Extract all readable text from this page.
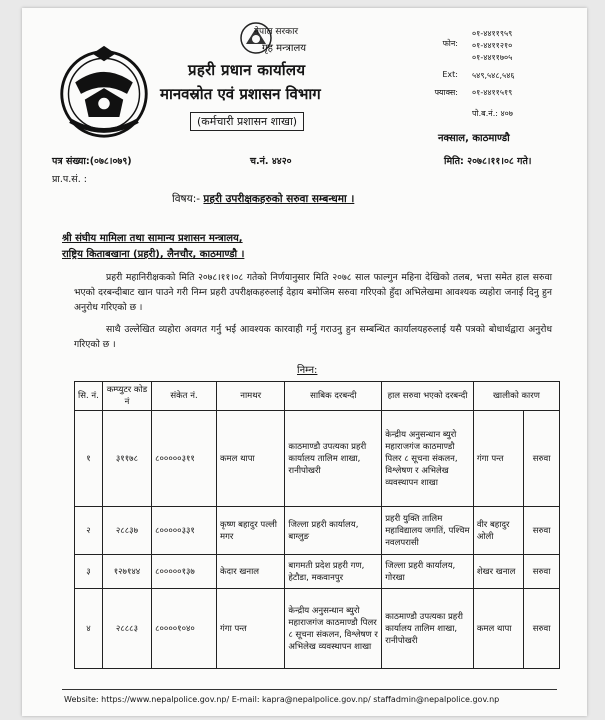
नेपाल सरकार
गृह मन्त्रालय
प्रहरी प्रधान कार्यालय
मानवस्रोत एवं प्रशासन विभाग
(कर्मचारी प्रशासन शाखा)
फोन:
०१-४४११९५९
०१-४४११२१०
०१-४४११७०५
Ext: ५४९,५४८,५४६
फ्याक्स: ०१-४४११५१९
पो.ब.नं.: ४०७
नक्साल, काठमाण्डौ
पत्र संख्या:(०७८।०७९)	च.नं. ४४२०	मिति: २०७८।११।०८ गते।
प्रा.प.सं. :
विषय:- प्रहरी उपरीक्षकहरुको सरुवा सम्बन्धमा ।
श्री संघीय मामिला तथा सामान्य प्रशासन मन्त्रालय,
राष्ट्रिय किताबखाना (प्रहरी), लैनचौर, काठमाण्डौ ।
प्रहरी महानिरीक्षकको मिति २०७८।११।०८ गतेको निर्णयानुसार मिति २०७८ साल फाल्गुन महिना देखिको तलब, भत्ता समेत हाल सरुवा भएको दरबन्दीबाट खान पाउने गरी निम्न प्रहरी उपरीक्षकहरुलाई देहाय बमोजिम सरुवा गरिएको हुँदा अभिलेखमा आवश्यक व्यहोरा जनाई दिनु हुन अनुरोध गरिएको छ ।
साथै उल्लेखित व्यहोरा अवगत गर्नु भई आवश्यक कारवाही गर्नु गराउनु हुन सम्बन्धित कार्यालयहरुलाई यसै पत्रको बोधार्थद्वारा अनुरोध गरिएको छ ।
निम्न:
सि. नं.	कम्प्युटर कोड नं	संकेत नं.	नामथर	साबिक दरबन्दी	हाल सरुवा भएको दरबन्दी	खालीको कारण	
१	३११७८	८०००००३११	कमल थापा	काठमाण्डौ उपत्यका प्रहरी कार्यालय तालिम शाखा, रानीपोखरी	केन्द्रीय अनुसन्धान ब्युरो महाराजगंज काठमाण्डौ पिलर ८ सूचना संकलन, विश्लेषण र अभिलेख व्यवस्थापन शाखा	गंगा पन्त	सरुवा
२	२८८३७	८०००००३३१	कृष्ण बहादुर पल्ली मगर	जिल्ला प्रहरी कार्यालय, बाग्लुङ	प्रहरी युक्ति तालिम महाविद्यालय जगतिं, पश्चिम नवलपरासी	वीर बहादुर ओली	सरुवा
३	१२७१४४	८०००००१३७	केदार खनाल	बागमती प्रदेश प्रहरी गण, हेटौडा, मकवानपुर	जिल्ला प्रहरी कार्यालय, गोरखा	शेखर खनाल	सरुवा
४	२८८८३	८००००१०४०	गंगा पन्त	केन्द्रीय अनुसन्धान ब्युरो महाराजगंज काठमाण्डौ पिलर ८ सूचना संकलन, विश्लेषण र अभिलेख व्यवस्थापन शाखा	काठमाण्डौ उपत्यका प्रहरी कार्यालय तालिम शाखा, रानीपोखरी	कमल थापा	सरुवा
Website: https://www.nepalpolice.gov.np/ E-mail: kapra@nepalpolice.gov.np/ staffadmin@nepalpolice.gov.np
